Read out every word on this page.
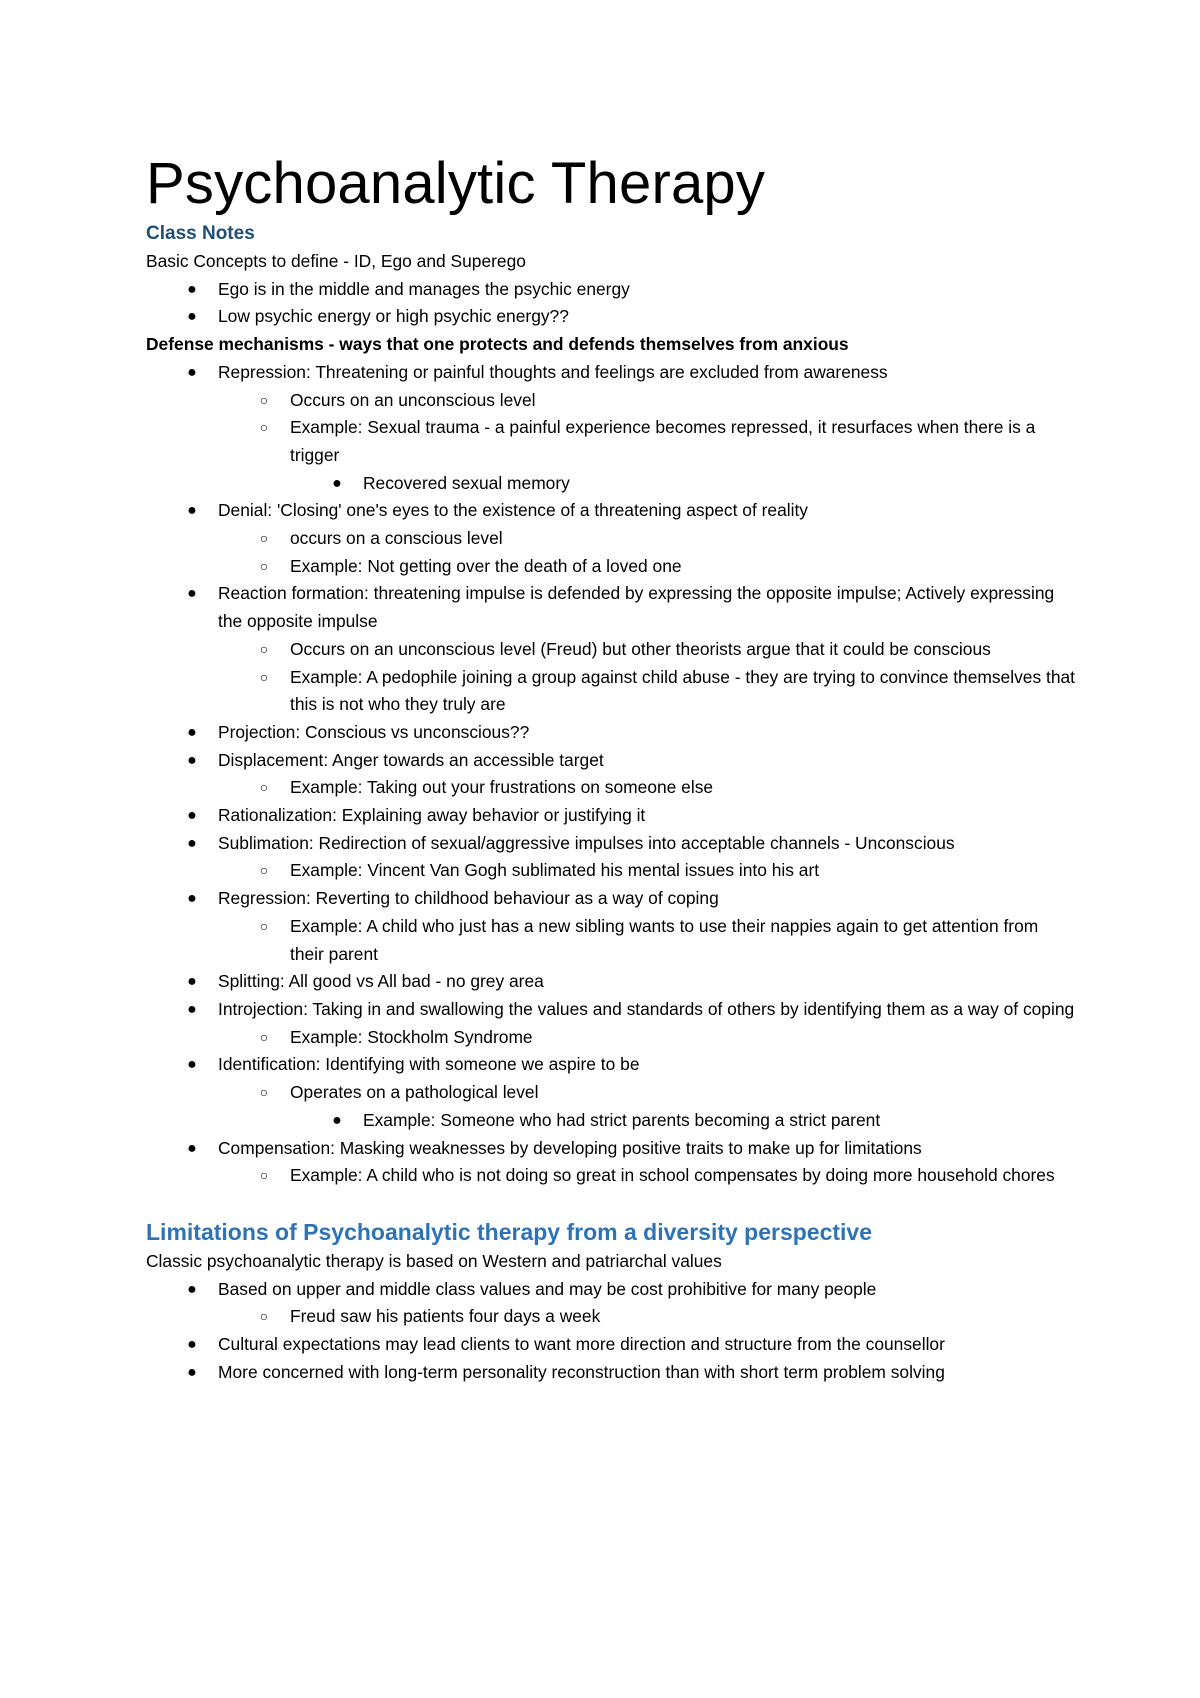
Psychoanalytic Therapy

Class Notes

Basic Concepts to define - ID, Ego and Superego

● Ego is in the middle and manages the psychic energy
● Low psychic energy or high psychic energy??

Defense mechanisms - ways that one protects and defends themselves from anxious

● Repression: Threatening or painful thoughts and feelings are excluded from awareness
○	Occurs on an unconscious level
○	Example: Sexual trauma - a painful experience becomes repressed, it resurfaces when there is a trigger
● Recovered sexual memory
● Denial: 'Closing' one's eyes to the existence of a threatening aspect of reality
○	occurs on a conscious level
○	Example: Not getting over the death of a loved one
● Reaction formation: threatening impulse is defended by expressing the opposite impulse; Actively expressing the opposite impulse
○	Occurs on an unconscious level (Freud) but other theorists argue that it could be conscious
○	Example: A pedophile joining a group against child abuse - they are trying to convince themselves that this is not who they truly are
● Projection: Conscious vs unconscious??
● Displacement: Anger towards an accessible target
○	Example: Taking out your frustrations on someone else
● Rationalization: Explaining away behavior or justifying it
● Sublimation: Redirection of sexual/aggressive impulses into acceptable channels - Unconscious
○	Example: Vincent Van Gogh sublimated his mental issues into his art
● Regression: Reverting to childhood behaviour as a way of coping
○	Example: A child who just has a new sibling wants to use their nappies again to get attention from their parent
● Splitting: All good vs All bad - no grey area
● Introjection: Taking in and swallowing the values and standards of others by identifying them as a way of coping
○	Example: Stockholm Syndrome
● Identification: Identifying with someone we aspire to be
○	Operates on a pathological level
● Example: Someone who had strict parents becoming a strict parent
● Compensation: Masking weaknesses by developing positive traits to make up for limitations
○	Example: A child who is not doing so great in school compensates by doing more household chores
Limitations of Psychoanalytic therapy from a diversity perspective

Classic psychoanalytic therapy is based on Western and patriarchal values

● Based on upper and middle class values and may be cost prohibitive for many people
○	Freud saw his patients four days a week
● Cultural expectations may lead clients to want more direction and structure from the counsellor
● More concerned with long-term personality reconstruction than with short term problem solving
